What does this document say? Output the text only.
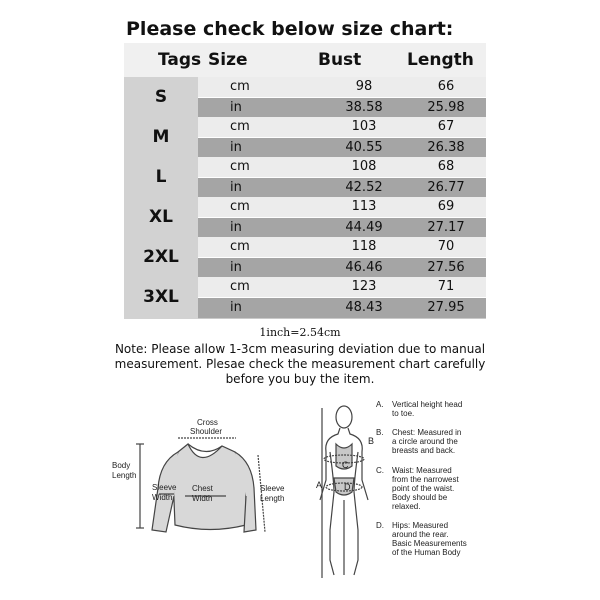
Please check below size chart:
Tags Size	Bust	Length
S
cm	98	66
in	38.58	25.98
M
cm	103	67
in	40.55	26.38
L
cm	108	68
in	42.52	26.77
XL
cm	113	69
in	44.49	27.17
2XL
cm	118	70
in	46.46	27.56
3XL
cm	123	71
in	48.43	27.95
1inch=2.54cm
Note: Please allow 1-3cm measuring deviation due to manual
measurement. Plesae check the measurement chart carefully
before you buy the item.
Cross
Shoulder
Body
Length
Sleeve
Width
Chest
Width
Sleeve
Length
A
B
C
D
A. Vertical height head
to toe.
B. Chest: Measured in
a circle around the
breasts and back.
C. Waist: Measured
from the narrowest
point of the waist.
Body should be
relaxed.
D. Hips: Measured
around the rear.
Basic Measurements
of the Human Body
